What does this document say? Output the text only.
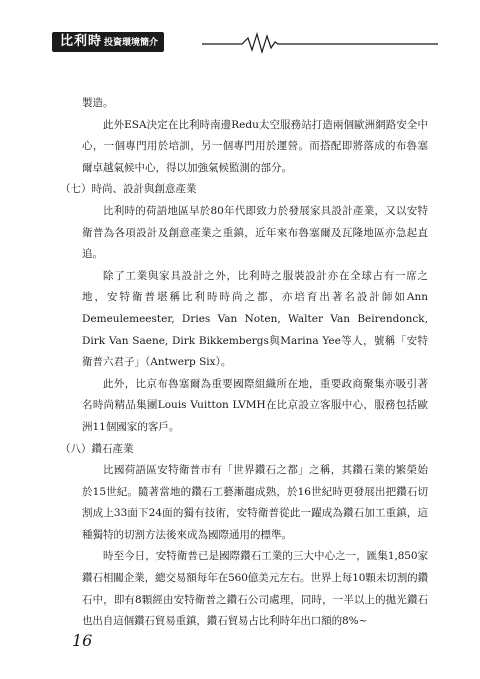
比利時 投資環境簡介

製造。

此外ESA決定在比利時南邊Redu太空服務站打造兩個歐洲網路安全中心，一個專門用於培訓，另一個專門用於運營。而搭配即將落成的布魯塞爾卓越氣候中心，得以加強氣候監測的部分。

（七）時尚、設計與創意產業

比利時的荷語地區早於80年代即致力於發展家具設計產業，又以安特衛普為各項設計及創意產業之重鎮，近年來布魯塞爾及瓦隆地區亦急起直追。

除了工業與家具設計之外，比利時之服裝設計亦在全球占有一席之地，安特衛普堪稱比利時時尚之都，亦培育出著名設計師如Ann Demeulemeester, Dries Van Noten, Walter Van Beirendonck, Dirk Van Saene, Dirk Bikkembergs與Marina Yee等人，號稱「安特衛普六君子」（Antwerp Six）。

此外，比京布魯塞爾為重要國際組織所在地，重要政商聚集亦吸引著名時尚精品集團Louis Vuitton LVMH在比京設立客服中心，服務包括歐洲11個國家的客戶。

（八）鑽石產業

比國荷語區安特衛普市有「世界鑽石之都」之稱，其鑽石業的繁榮始於15世紀。隨著當地的鑽石工藝漸趨成熟，於16世紀時更發展出把鑽石切割成上33面下24面的獨有技術，安特衛普從此一躍成為鑽石加工重鎮，這種獨特的切割方法後來成為國際通用的標準。

時至今日，安特衛普已是國際鑽石工業的三大中心之一，匯集1,850家鑽石相關企業，總交易額每年在560億美元左右。世界上每10顆未切割的鑽石中，即有8顆經由安特衛普之鑽石公司處理，同時，一半以上的拋光鑽石也出自這個鑽石貿易重鎮，鑽石貿易占比利時年出口額的8%~

16
